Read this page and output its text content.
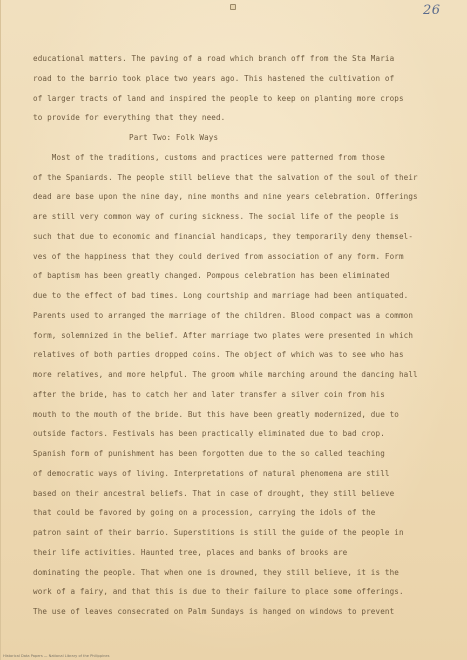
26
educational matters. The paving of a road which branch off from the Sta Maria
road to the barrio took place two years ago. This hastened the cultivation of
of larger tracts of land and inspired the people to keep on planting more crops
to provide for everything that they need.
Part Two: Folk Ways
Most of the traditions, customs and practices were patterned from those
of the Spaniards. The people still believe that the salvation of the soul of their
dead are base upon the nine day, nine months and nine years celebration. Offerings
are still very common way of curing sickness. The social life of the people is
such that due to economic and financial handicaps, they temporarily deny themsel-
ves of the happiness that they could derived from association of any form. Form
of baptism has been greatly changed. Pompous celebration has been eliminated
due to the effect of bad times. Long courtship and marriage had been antiquated.
Parents used to arranged the marriage of the children. Blood compact was a common
form, solemnized in the belief. After marriage two plates were presented in which
relatives of both parties dropped coins. The object of which was to see who has
more relatives, and more helpful. The groom while marching around the dancing hall
after the bride, has to catch her and later transfer a silver coin from his
mouth to the mouth of the bride. But this have been greatly modernized, due to
outside factors. Festivals has been practically eliminated due to bad crop.
Spanish form of punishment has been forgotten due to the so called teaching
of democratic ways of living. Interpretations of natural phenomena are still
based on their ancestral beliefs. That in case of drought, they still believe
that could be favored by going on a procession, carrying the idols of the
patron saint of their barrio. Superstitions is still the guide of the people in
their life activities. Haunted tree, places and banks of brooks are
dominating the people. That when one is drowned, they still believe, it is the
work of a fairy, and that this is due to their failure to place some offerings.
The use of leaves consecrated on Palm Sundays is hanged on windows to prevent
Historical Data Papers — National Library of the Philippines
